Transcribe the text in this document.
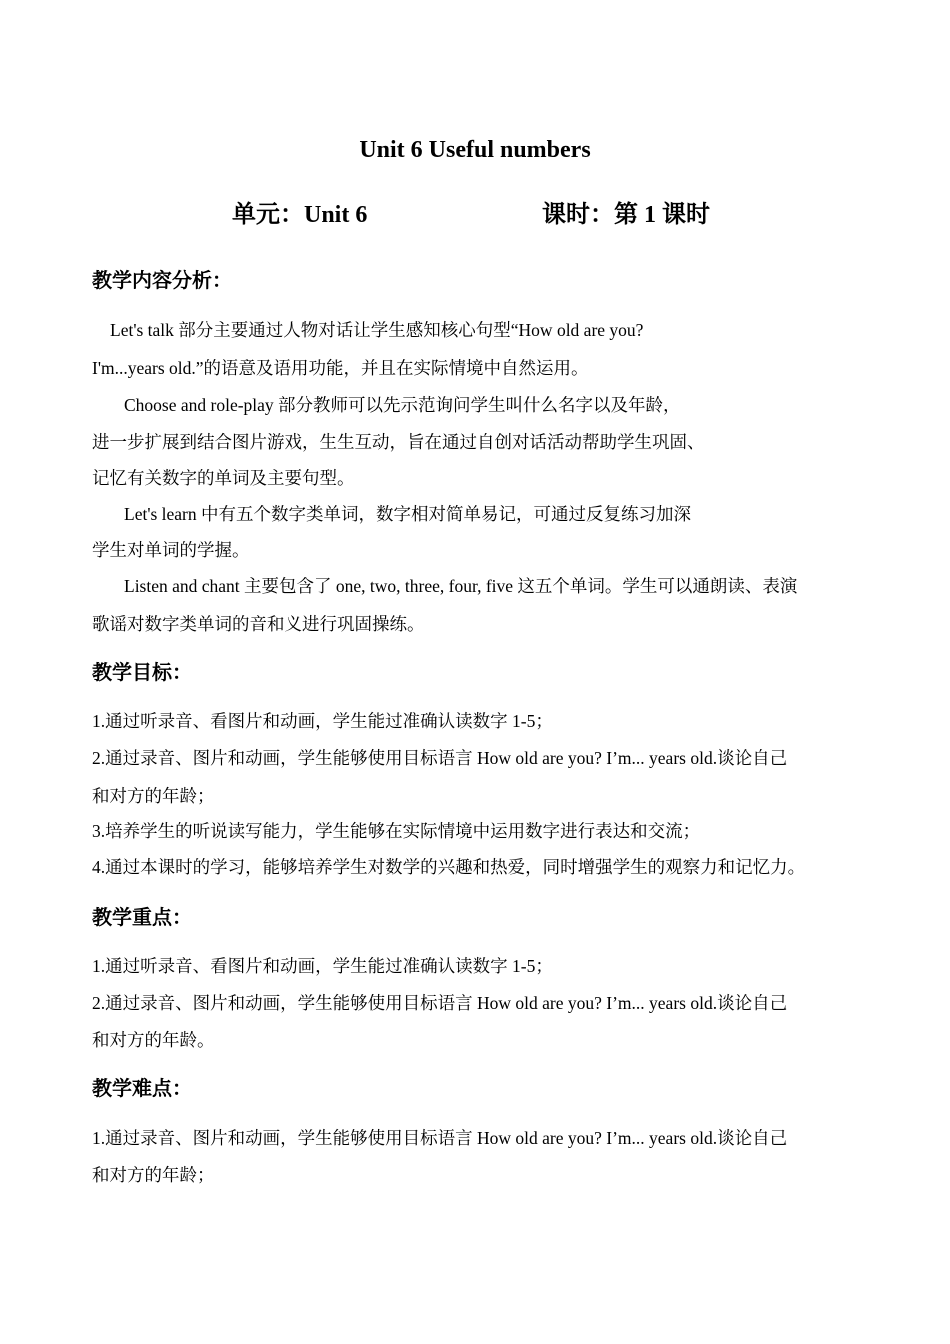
Unit 6 Useful numbers
单元：Unit 6	课时：第 1 课时
教学内容分析：
Let's talk 部分主要通过人物对话让学生感知核心句型“How old are you?
I'm...years old.”的语意及语用功能，并且在实际情境中自然运用。
Choose and role-play 部分教师可以先示范询问学生叫什么名字以及年龄，
进一步扩展到结合图片游戏，生生互动，旨在通过自创对话活动帮助学生巩固、
记忆有关数字的单词及主要句型。
Let's learn 中有五个数字类单词，数字相对简单易记，可通过反复练习加深
学生对单词的学握。
Listen and chant 主要包含了 one, two, three, four, five 这五个单词。学生可以通朗读、表演
歌谣对数字类单词的音和义进行巩固操练。
教学目标：
1.通过听录音、看图片和动画，学生能过准确认读数字 1-5；
2.通过录音、图片和动画，学生能够使用目标语言 How old are you? I’m... years old.谈论自己
和对方的年龄；
3.培养学生的听说读写能力，学生能够在实际情境中运用数字进行表达和交流；
4.通过本课时的学习，能够培养学生对数学的兴趣和热爱，同时增强学生的观察力和记忆力。
教学重点：
1.通过听录音、看图片和动画，学生能过准确认读数字 1-5；
2.通过录音、图片和动画，学生能够使用目标语言 How old are you? I’m... years old.谈论自己
和对方的年龄。
教学难点：
1.通过录音、图片和动画，学生能够使用目标语言 How old are you? I’m... years old.谈论自己
和对方的年龄；
